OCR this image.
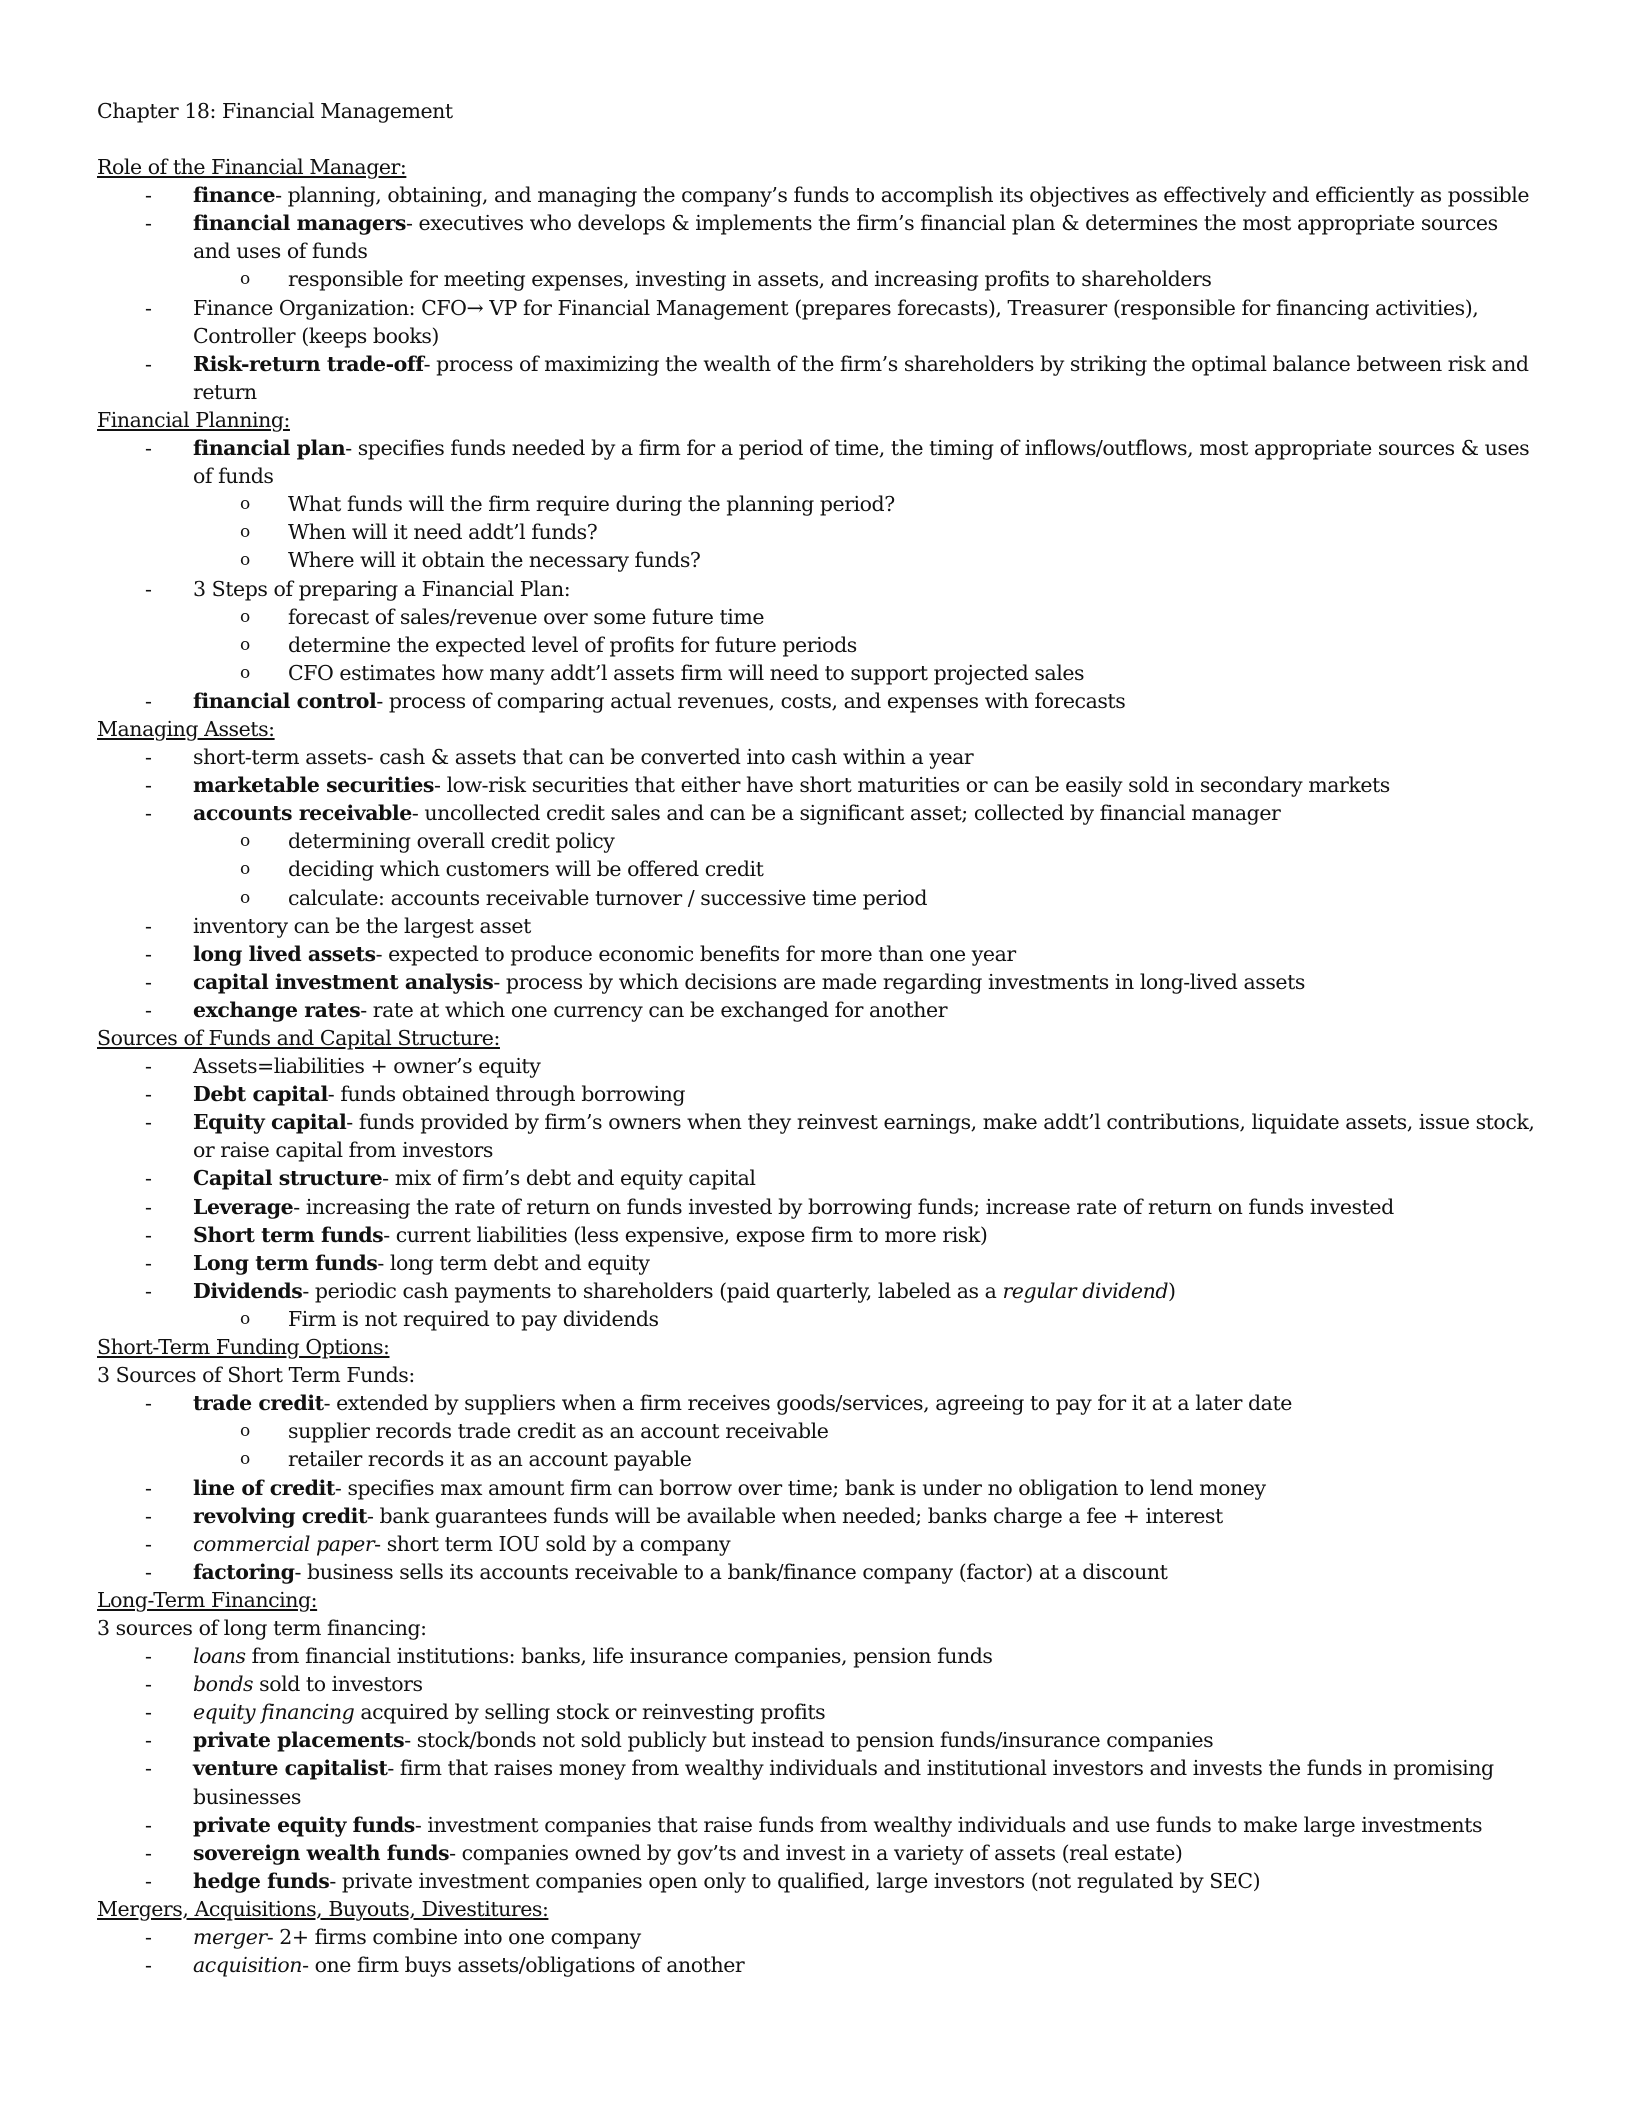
Chapter 18: Financial Management
Role of the Financial Manager:
- finance- planning, obtaining, and managing the company’s funds to accomplish its objectives as effectively and efficiently as possible
- financial managers- executives who develops & implements the firm’s financial plan & determines the most appropriate sources and uses of funds
o responsible for meeting expenses, investing in assets, and increasing profits to shareholders
- Finance Organization: CFO→ VP for Financial Management (prepares forecasts), Treasurer (responsible for financing activities), Controller (keeps books)
- Risk-return trade-off- process of maximizing the wealth of the firm’s shareholders by striking the optimal balance between risk and return
Financial Planning:
- financial plan- specifies funds needed by a firm for a period of time, the timing of inflows/outflows, most appropriate sources & uses of funds
o What funds will the firm require during the planning period?
o When will it need addt’l funds?
o Where will it obtain the necessary funds?
- 3 Steps of preparing a Financial Plan:
o forecast of sales/revenue over some future time
o determine the expected level of profits for future periods
o CFO estimates how many addt’l assets firm will need to support projected sales
- financial control- process of comparing actual revenues, costs, and expenses with forecasts
Managing Assets:
- short-term assets- cash & assets that can be converted into cash within a year
- marketable securities- low-risk securities that either have short maturities or can be easily sold in secondary markets
- accounts receivable- uncollected credit sales and can be a significant asset; collected by financial manager
o determining overall credit policy
o deciding which customers will be offered credit
o calculate: accounts receivable turnover / successive time period
- inventory can be the largest asset
- long lived assets- expected to produce economic benefits for more than one year
- capital investment analysis- process by which decisions are made regarding investments in long-lived assets
- exchange rates- rate at which one currency can be exchanged for another
Sources of Funds and Capital Structure:
- Assets=liabilities + owner’s equity
- Debt capital- funds obtained through borrowing
- Equity capital- funds provided by firm’s owners when they reinvest earnings, make addt’l contributions, liquidate assets, issue stock, or raise capital from investors
- Capital structure- mix of firm’s debt and equity capital
- Leverage- increasing the rate of return on funds invested by borrowing funds; increase rate of return on funds invested
- Short term funds- current liabilities (less expensive, expose firm to more risk)
- Long term funds- long term debt and equity
- Dividends- periodic cash payments to shareholders (paid quarterly, labeled as a regular dividend)
o Firm is not required to pay dividends
Short-Term Funding Options:
3 Sources of Short Term Funds:
- trade credit- extended by suppliers when a firm receives goods/services, agreeing to pay for it at a later date
o supplier records trade credit as an account receivable
o retailer records it as an account payable
- line of credit- specifies max amount firm can borrow over time; bank is under no obligation to lend money
- revolving credit- bank guarantees funds will be available when needed; banks charge a fee + interest
- commercial paper- short term IOU sold by a company
- factoring- business sells its accounts receivable to a bank/finance company (factor) at a discount
Long-Term Financing:
3 sources of long term financing:
- loans from financial institutions: banks, life insurance companies, pension funds
- bonds sold to investors
- equity financing acquired by selling stock or reinvesting profits
- private placements- stock/bonds not sold publicly but instead to pension funds/insurance companies
- venture capitalist- firm that raises money from wealthy individuals and institutional investors and invests the funds in promising businesses
- private equity funds- investment companies that raise funds from wealthy individuals and use funds to make large investments
- sovereign wealth funds- companies owned by gov’ts and invest in a variety of assets (real estate)
- hedge funds- private investment companies open only to qualified, large investors (not regulated by SEC)
Mergers, Acquisitions, Buyouts, Divestitures:
- merger- 2+ firms combine into one company
- acquisition- one firm buys assets/obligations of another
